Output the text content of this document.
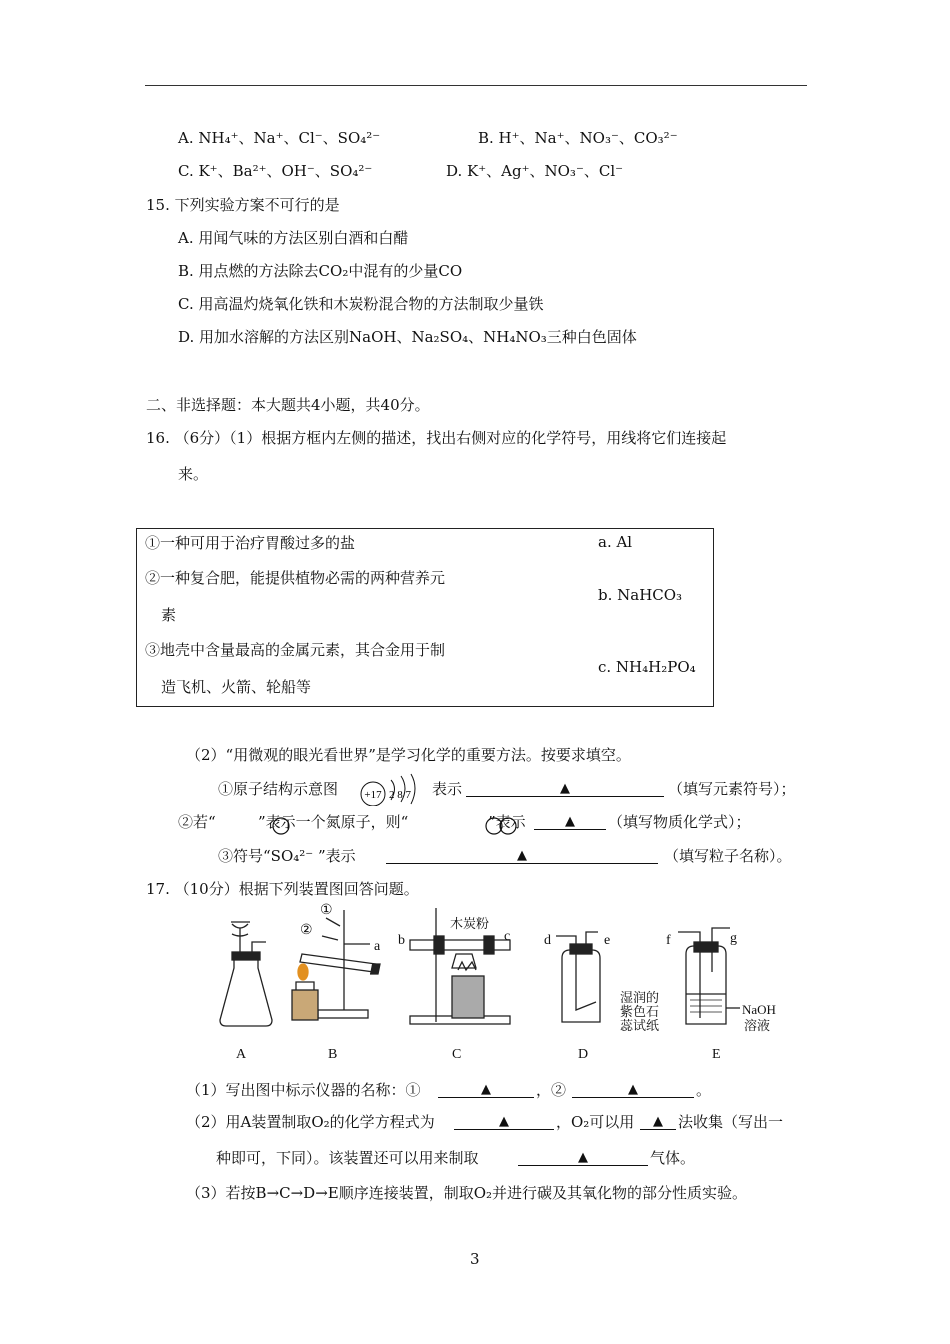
A. NH₄⁺、Na⁺、Cl⁻、SO₄²⁻	B. H⁺、Na⁺、NO₃⁻、CO₃²⁻
C. K⁺、Ba²⁺、OH⁻、SO₄²⁻	D. K⁺、Ag⁺、NO₃⁻、Cl⁻
15. 下列实验方案不可行的是
A. 用闻气味的方法区别白酒和白醋
B. 用点燃的方法除去CO₂中混有的少量CO
C. 用高温灼烧氧化铁和木炭粉混合物的方法制取少量铁
D. 用加水溶解的方法区别NaOH、Na₂SO₄、NH₄NO₃三种白色固体
二、非选择题：本大题共4小题，共40分。
16. （6分）（1）根据方框内左侧的描述，找出右侧对应的化学符号，用线将它们连接起
来。
①一种可用于治疗胃酸过多的盐
②一种复合肥，能提供植物必需的两种营养元
素
③地壳中含量最高的金属元素，其合金用于制
造飞机、火箭、轮船等
a. Al
b. NaHCO₃
c. NH₄H₂PO₄
（2）“用微观的眼光看世界”是学习化学的重要方法。按要求填空。
①原子结构示意图 +17 2 8 7 表示	▲	（填写元素符号）；
②若“	”表示一个氮原子，则“	”表示	▲	（填写物质化学式）；
③符号“SO₄²⁻ ”表示	▲	（填写粒子名称）。
17. （10分）根据下列装置图回答问题。
①
②
a b	c d	e	f	g
木炭粉
湿润的
紫色石
蕊试纸
NaOH
溶液
A	B	C	D	E
（1）写出图中标示仪器的名称：①	▲	，②	▲	。
（2）用A装置制取O₂的化学方程式为	▲	，O₂可以用	▲	法收集（写出一
种即可，下同）。该装置还可以用来制取	▲	气体。
（3）若按B→C→D→E顺序连接装置，制取O₂并进行碳及其氧化物的部分性质实验。
3
